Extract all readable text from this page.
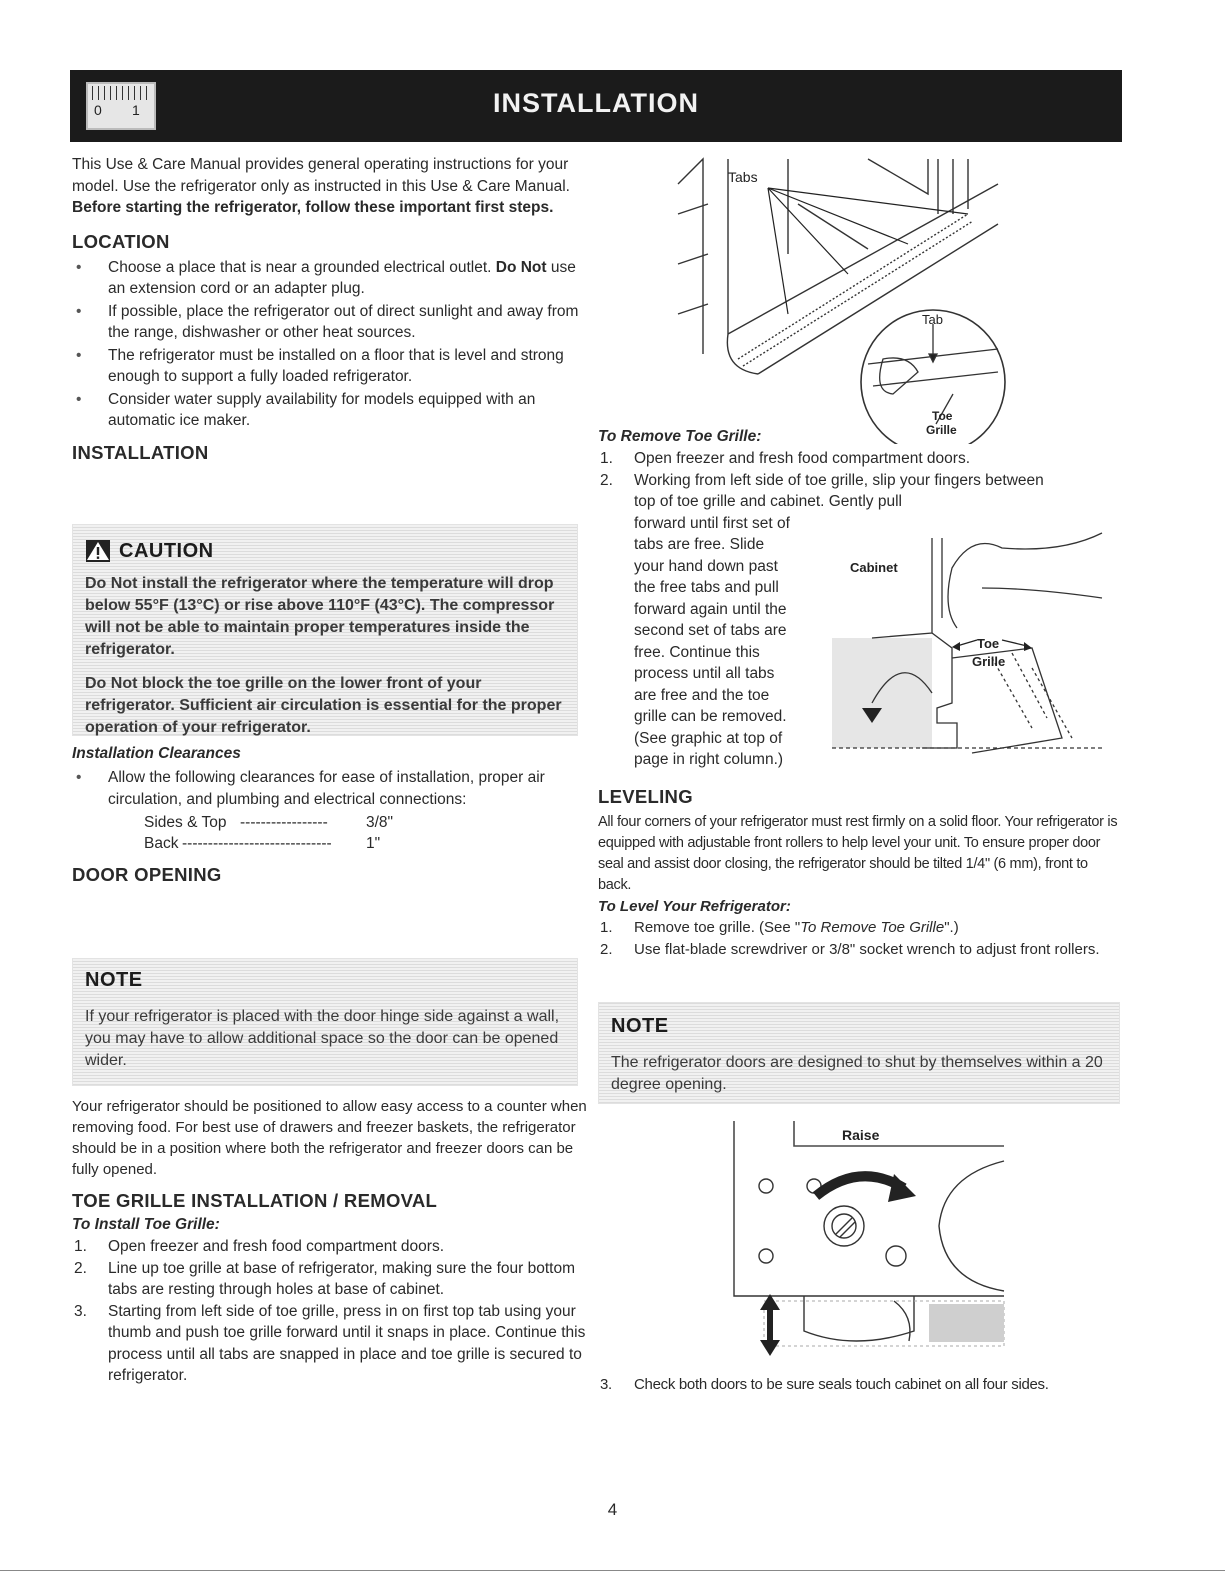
0 1	INSTALLATION

This Use & Care Manual provides general operating instructions for your model. Use the refrigerator only as instructed in this Use & Care Manual. Before starting the refrigerator, follow these important first steps.

LOCATION
• Choose a place that is near a grounded electrical outlet. Do Not use an extension cord or an adapter plug.
• If possible, place the refrigerator out of direct sunlight and away from the range, dishwasher or other heat sources.
• The refrigerator must be installed on a floor that is level and strong enough to support a fully loaded refrigerator.
• Consider water supply availability for models equipped with an automatic ice maker.
INSTALLATION
CAUTION

Do Not install the refrigerator where the temperature will drop below 55°F (13°C) or rise above 110°F (43°C). The compressor will not be able to maintain proper temperatures inside the refrigerator.

Do Not block the toe grille on the lower front of your refrigerator. Sufficient air circulation is essential for the proper operation of your refrigerator.

Installation Clearances
• Allow the following clearances for ease of installation, proper air circulation, and plumbing and electrical connections:
Sides & Top -----------------	3/8"
Back -----------------------------	1"
DOOR OPENING
NOTE

If your refrigerator is placed with the door hinge side against a wall, you may have to allow additional space so the door can be opened wider.

Your refrigerator should be positioned to allow easy access to a counter when removing food. For best use of drawers and freezer baskets, the refrigerator should be in a position where both the refrigerator and freezer doors can be fully opened.

TOE GRILLE INSTALLATION / REMOVAL
To Install Toe Grille:
1. Open freezer and fresh food compartment doors.
2. Line up toe grille at base of refrigerator, making sure the four bottom tabs are resting through holes at base of cabinet.
3. Starting from left side of toe grille, press in on first top tab using your thumb and push toe grille forward until it snaps in place. Continue this process until all tabs are snapped in place and toe grille is secured to refrigerator.
Tabs
Tab
Toe
Grille
To Remove Toe Grille:
1. Open freezer and fresh food compartment doors.
2. Working from left side of toe grille, slip your fingers between top of toe grille and cabinet. Gently pull
forward until first set of
tabs are free. Slide
your hand down past
the free tabs and pull
forward again until the
second set of tabs are
free. Continue this
process until all tabs
are free and the toe
grille can be removed.
(See graphic at top of
page in right column.)
Cabinet
Toe
Grille
LEVELING

All four corners of your refrigerator must rest firmly on a solid floor. Your refrigerator is equipped with adjustable front rollers to help level your unit. To ensure proper door seal and assist door closing, the refrigerator should be tilted 1/4" (6 mm), front to back.

To Level Your Refrigerator:
1. Remove toe grille. (See "To Remove Toe Grille".)
2. Use flat-blade screwdriver or 3/8" socket wrench to adjust front rollers.
NOTE

The refrigerator doors are designed to shut by themselves within a 20 degree opening.

Raise
3. Check both doors to be sure seals touch cabinet on all four sides.
4
